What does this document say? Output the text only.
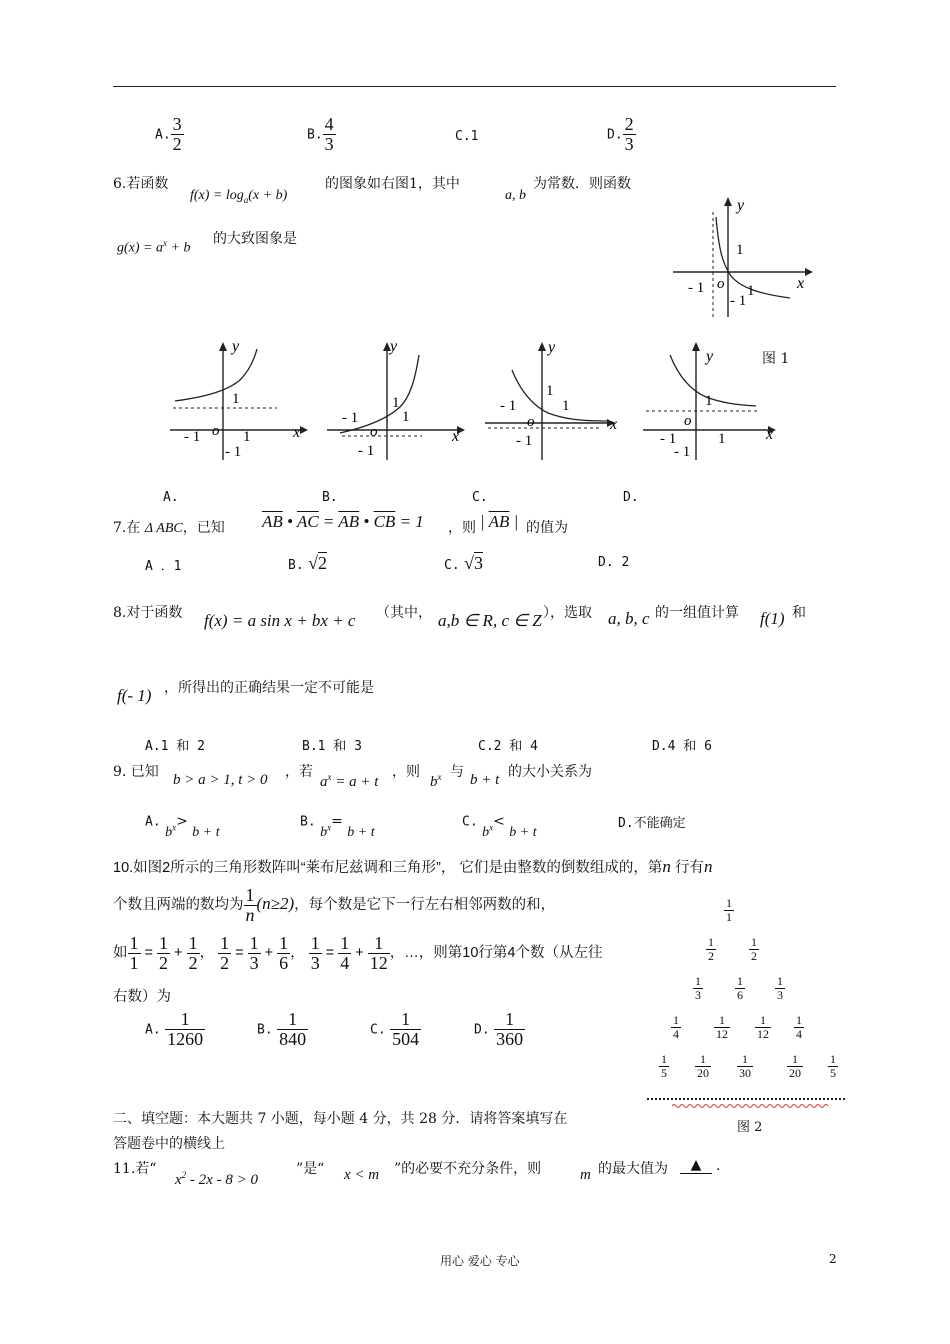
A. $\frac{3}{2}$	B. $\frac{4}{3}$	C.1	D. $\frac{2}{3}$
6.若函数
$f(x) = \log_a(x + b)$
的图象如右图1，其中
a, b
为常数．则函数
$g(x) = a^x + b$
的大致图象是
y
x
o
1
- 1	1
- 1
图 1
y
x
o
1
- 1	1
- 1
y
x
o
1
- 1	1
- 1
y
x
o
1
- 1	1
- 1
y
x
o
1
- 1	1
- 1
A.	B.	C.	D.
7.在 Δ ABC，已知 $\overline{AB}$ • $\overline{AC} = \overline{AB}$ • $\overline{CB} = 1$ ，则 | $\overline{AB}$ | 的值为
A ．1	B. √2	C. √3	D. 2
8.对于函数 f(x) = a sin x + bx + c （其中， a,b ∈ R, c ∈ Z ），选取 a, b, c 的一组值计算 f(1) 和
f(- 1) ，所得出的正确结果一定不可能是
A.1 和 2	B.1 和 3	C.2 和 4	D.4 和 6
9. 已知 b > a > 1, t > 0 ，若
$a^x = a + t$
，则
$b^x$ 与 b + t 的大小关系为
A. $b^x> b + t$
B. $b^x= b + t$
C. $b^x< b + t$
D.不能确定
10.如图2所示的三角形数阵叫“莱布尼兹调和三角形”， 它们是由整数的倒数组成的，第n 行有n
个数且两端的数均为 $\frac{1}{n} (n\ge 2)$，每个数是它下一行左右相邻两数的和，
如 $\frac{1}{1} = \frac{1}{2} + \frac{1}{2}$ ， $\frac{1}{2} = \frac{1}{3} + \frac{1}{6}$ ， $\frac{1}{3} = \frac{1}{4} + \frac{1}{12}$ ，…，则第10行第4个数（从左往
右数）为
A. $\frac{1}{1260}$	B. $\frac{1}{840}$	C. $\frac{1}{504}$	D. $\frac{1}{360}$
$\frac{1}{1}$
$\frac{1}{2}$	$\frac{1}{2}$
$\frac{1}{3}$	$\frac{1}{6}$	$\frac{1}{3}$
$\frac{1}{4}$	$\frac{1}{12} \frac{1}{12} \frac{1}{4}$
$\frac{1}{5} \frac{1}{20} \frac{1}{30}$	$\frac{1}{20} \frac{1}{5}$
图 2
二、填空题：本大题共 7 小题，每小题 4 分，共 28 分．请将答案填写在
答题卷中的横线上
11.若“
$x^2 - 2x - 8 > 0$
”是“ x < m ”的必要不充分条件，则	m 的最大值为	▲	.
用心 爱心 专心	2
